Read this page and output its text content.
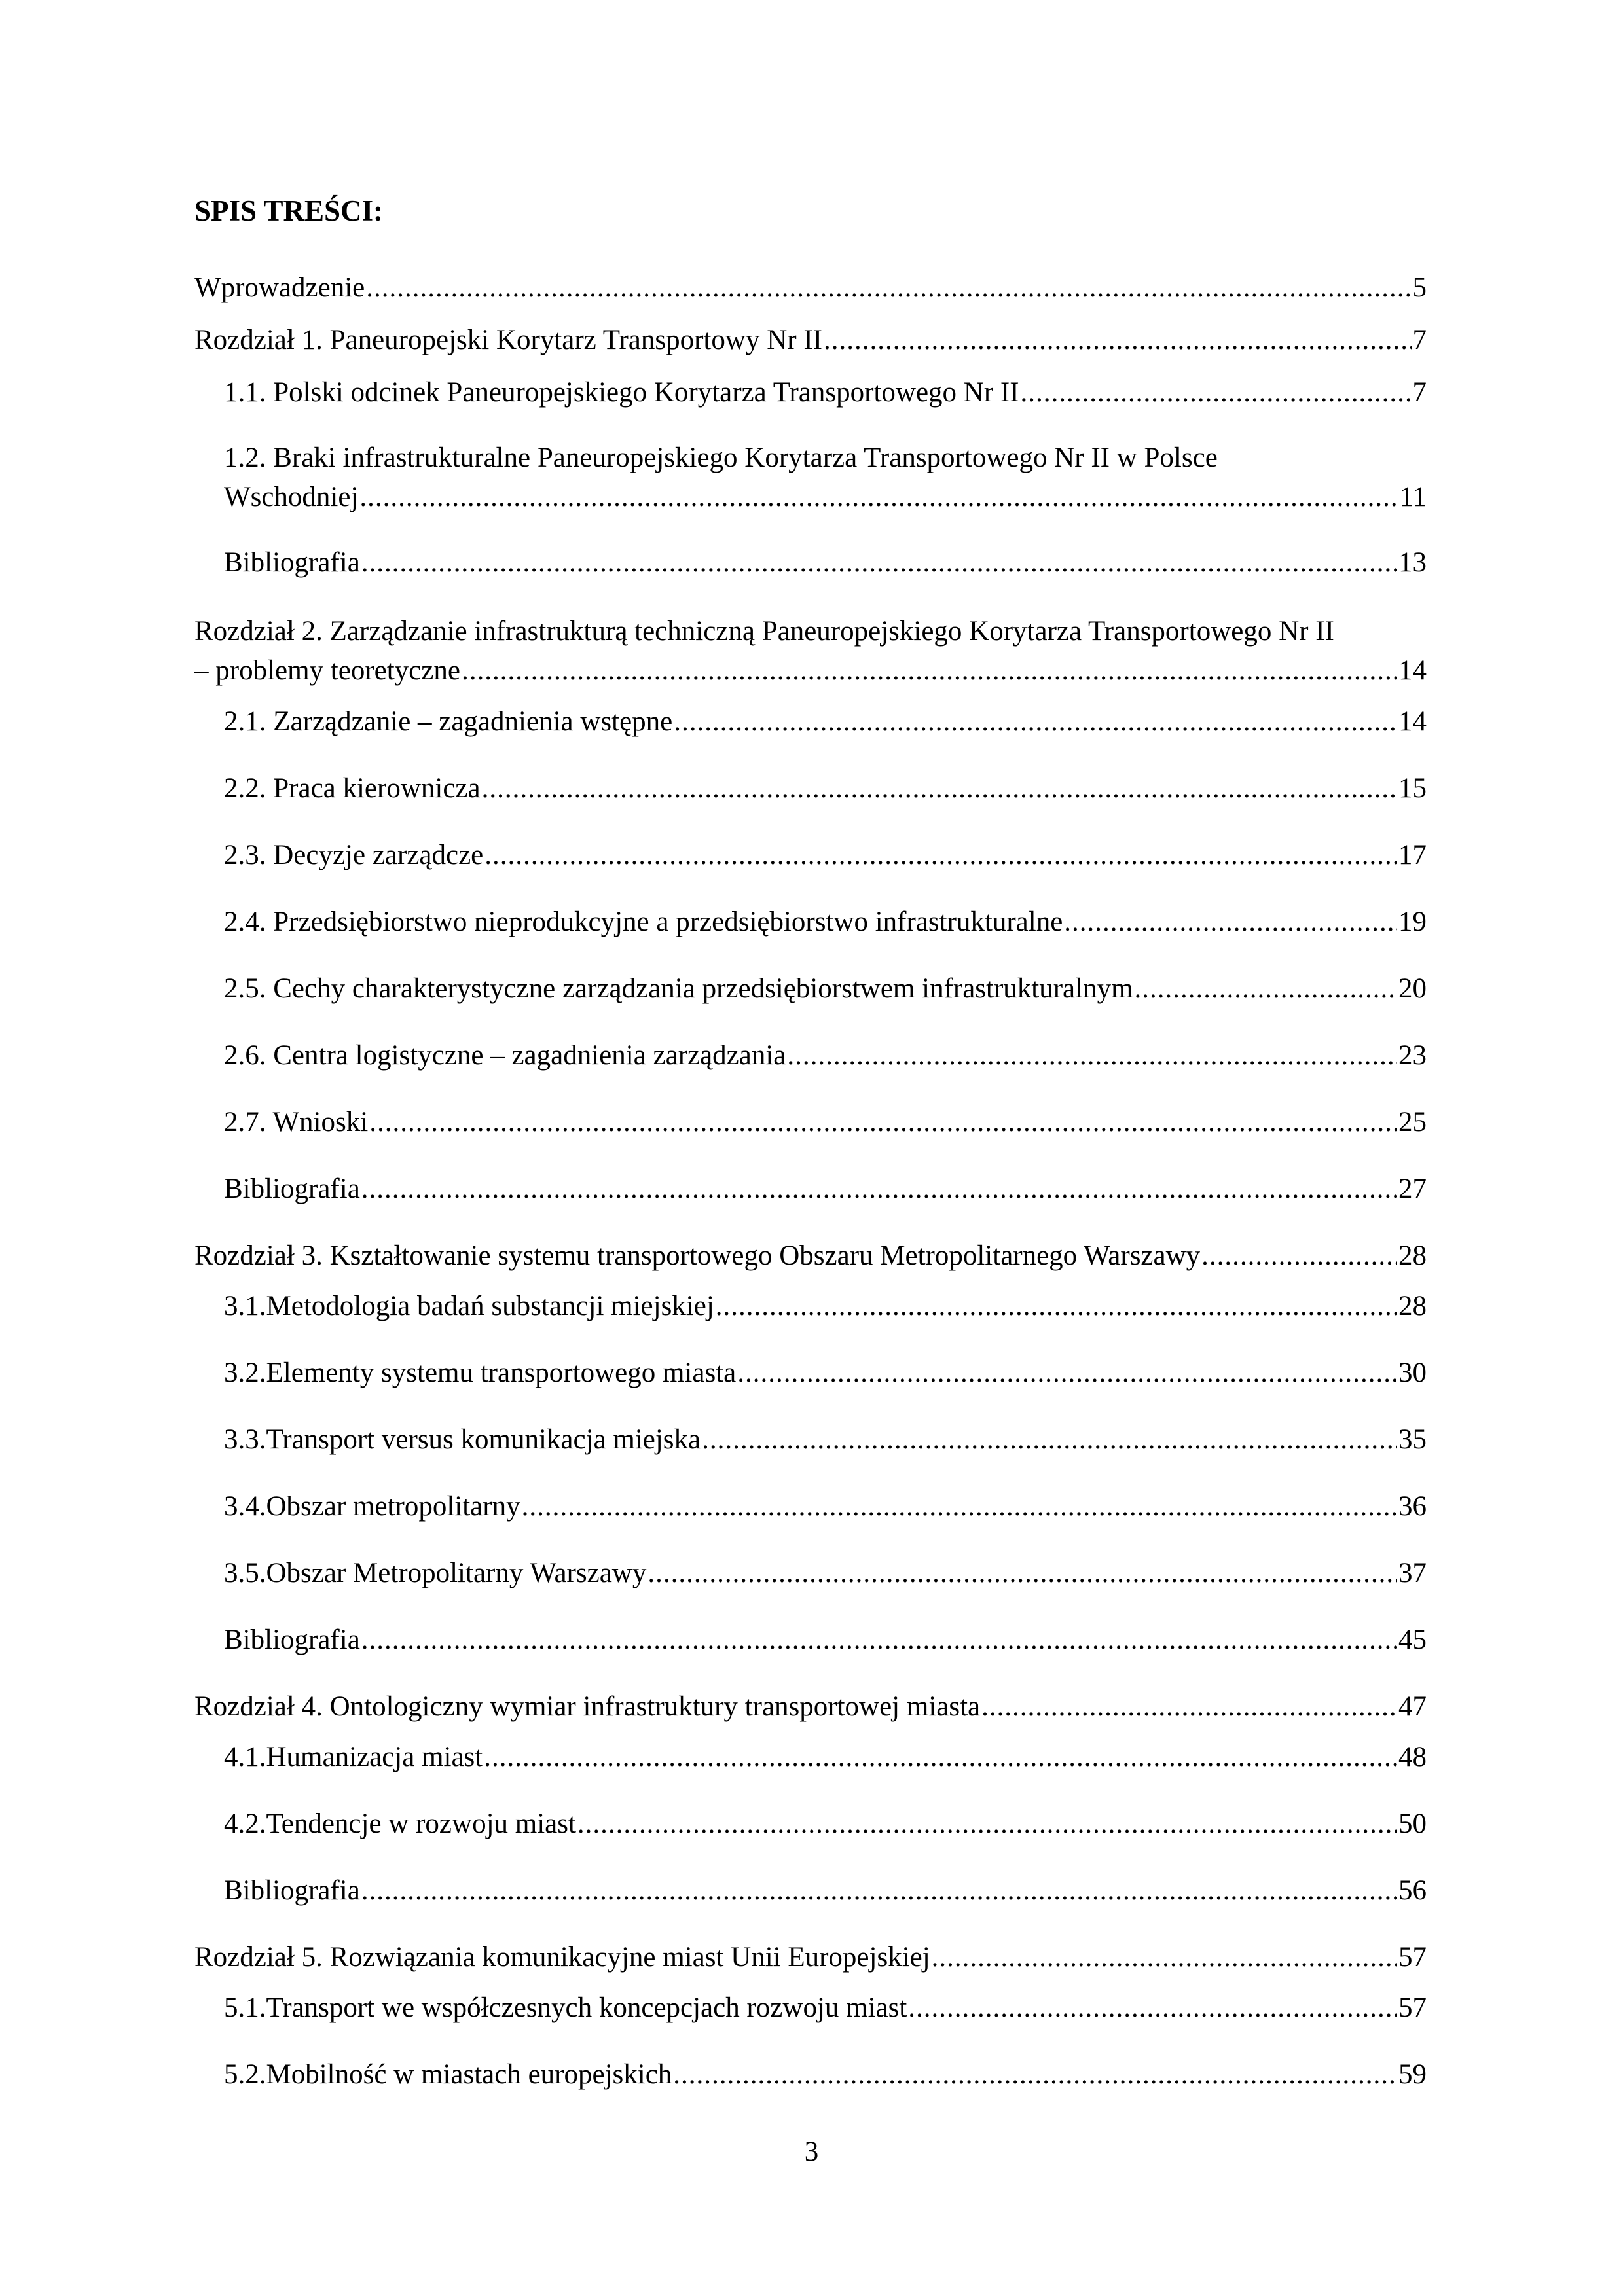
SPIS TREŚCI:
Wprowadzenie .....	5
Rozdział 1. Paneuropejski Korytarz Transportowy Nr II .....	7
1.1. Polski odcinek Paneuropejskiego Korytarza Transportowego Nr II .....	7
1.2. Braki infrastrukturalne Paneuropejskiego Korytarza Transportowego Nr II w Polsce
Wschodniej .....	11
Bibliografia .....	13
Rozdział 2. Zarządzanie infrastrukturą techniczną Paneuropejskiego Korytarza Transportowego Nr II
– problemy teoretyczne .....	14
2.1. Zarządzanie – zagadnienia wstępne .....	14
2.2. Praca kierownicza .....	15
2.3. Decyzje zarządcze .....	17
2.4. Przedsiębiorstwo nieprodukcyjne a przedsiębiorstwo infrastrukturalne .....	19
2.5. Cechy charakterystyczne zarządzania przedsiębiorstwem infrastrukturalnym .....	20
2.6. Centra logistyczne – zagadnienia zarządzania .....	23
2.7. Wnioski .....	25
Bibliografia .....	27
Rozdział 3. Kształtowanie systemu transportowego Obszaru Metropolitarnego Warszawy .....	28
3.1. Metodologia badań substancji miejskiej .....	28
3.2. Elementy systemu transportowego miasta .....	30
3.3. Transport versus komunikacja miejska .....	35
3.4. Obszar metropolitarny .....	36
3.5. Obszar Metropolitarny Warszawy .....	37
Bibliografia .....	45
Rozdział 4. Ontologiczny wymiar infrastruktury transportowej miasta .....	47
4.1. Humanizacja miast .....	48
4.2. Tendencje w rozwoju miast .....	50
Bibliografia .....	56
Rozdział 5. Rozwiązania komunikacyjne miast Unii Europejskiej .....	57
5.1. Transport we współczesnych koncepcjach rozwoju miast .....	57
5.2. Mobilność w miastach europejskich .....	59
3
